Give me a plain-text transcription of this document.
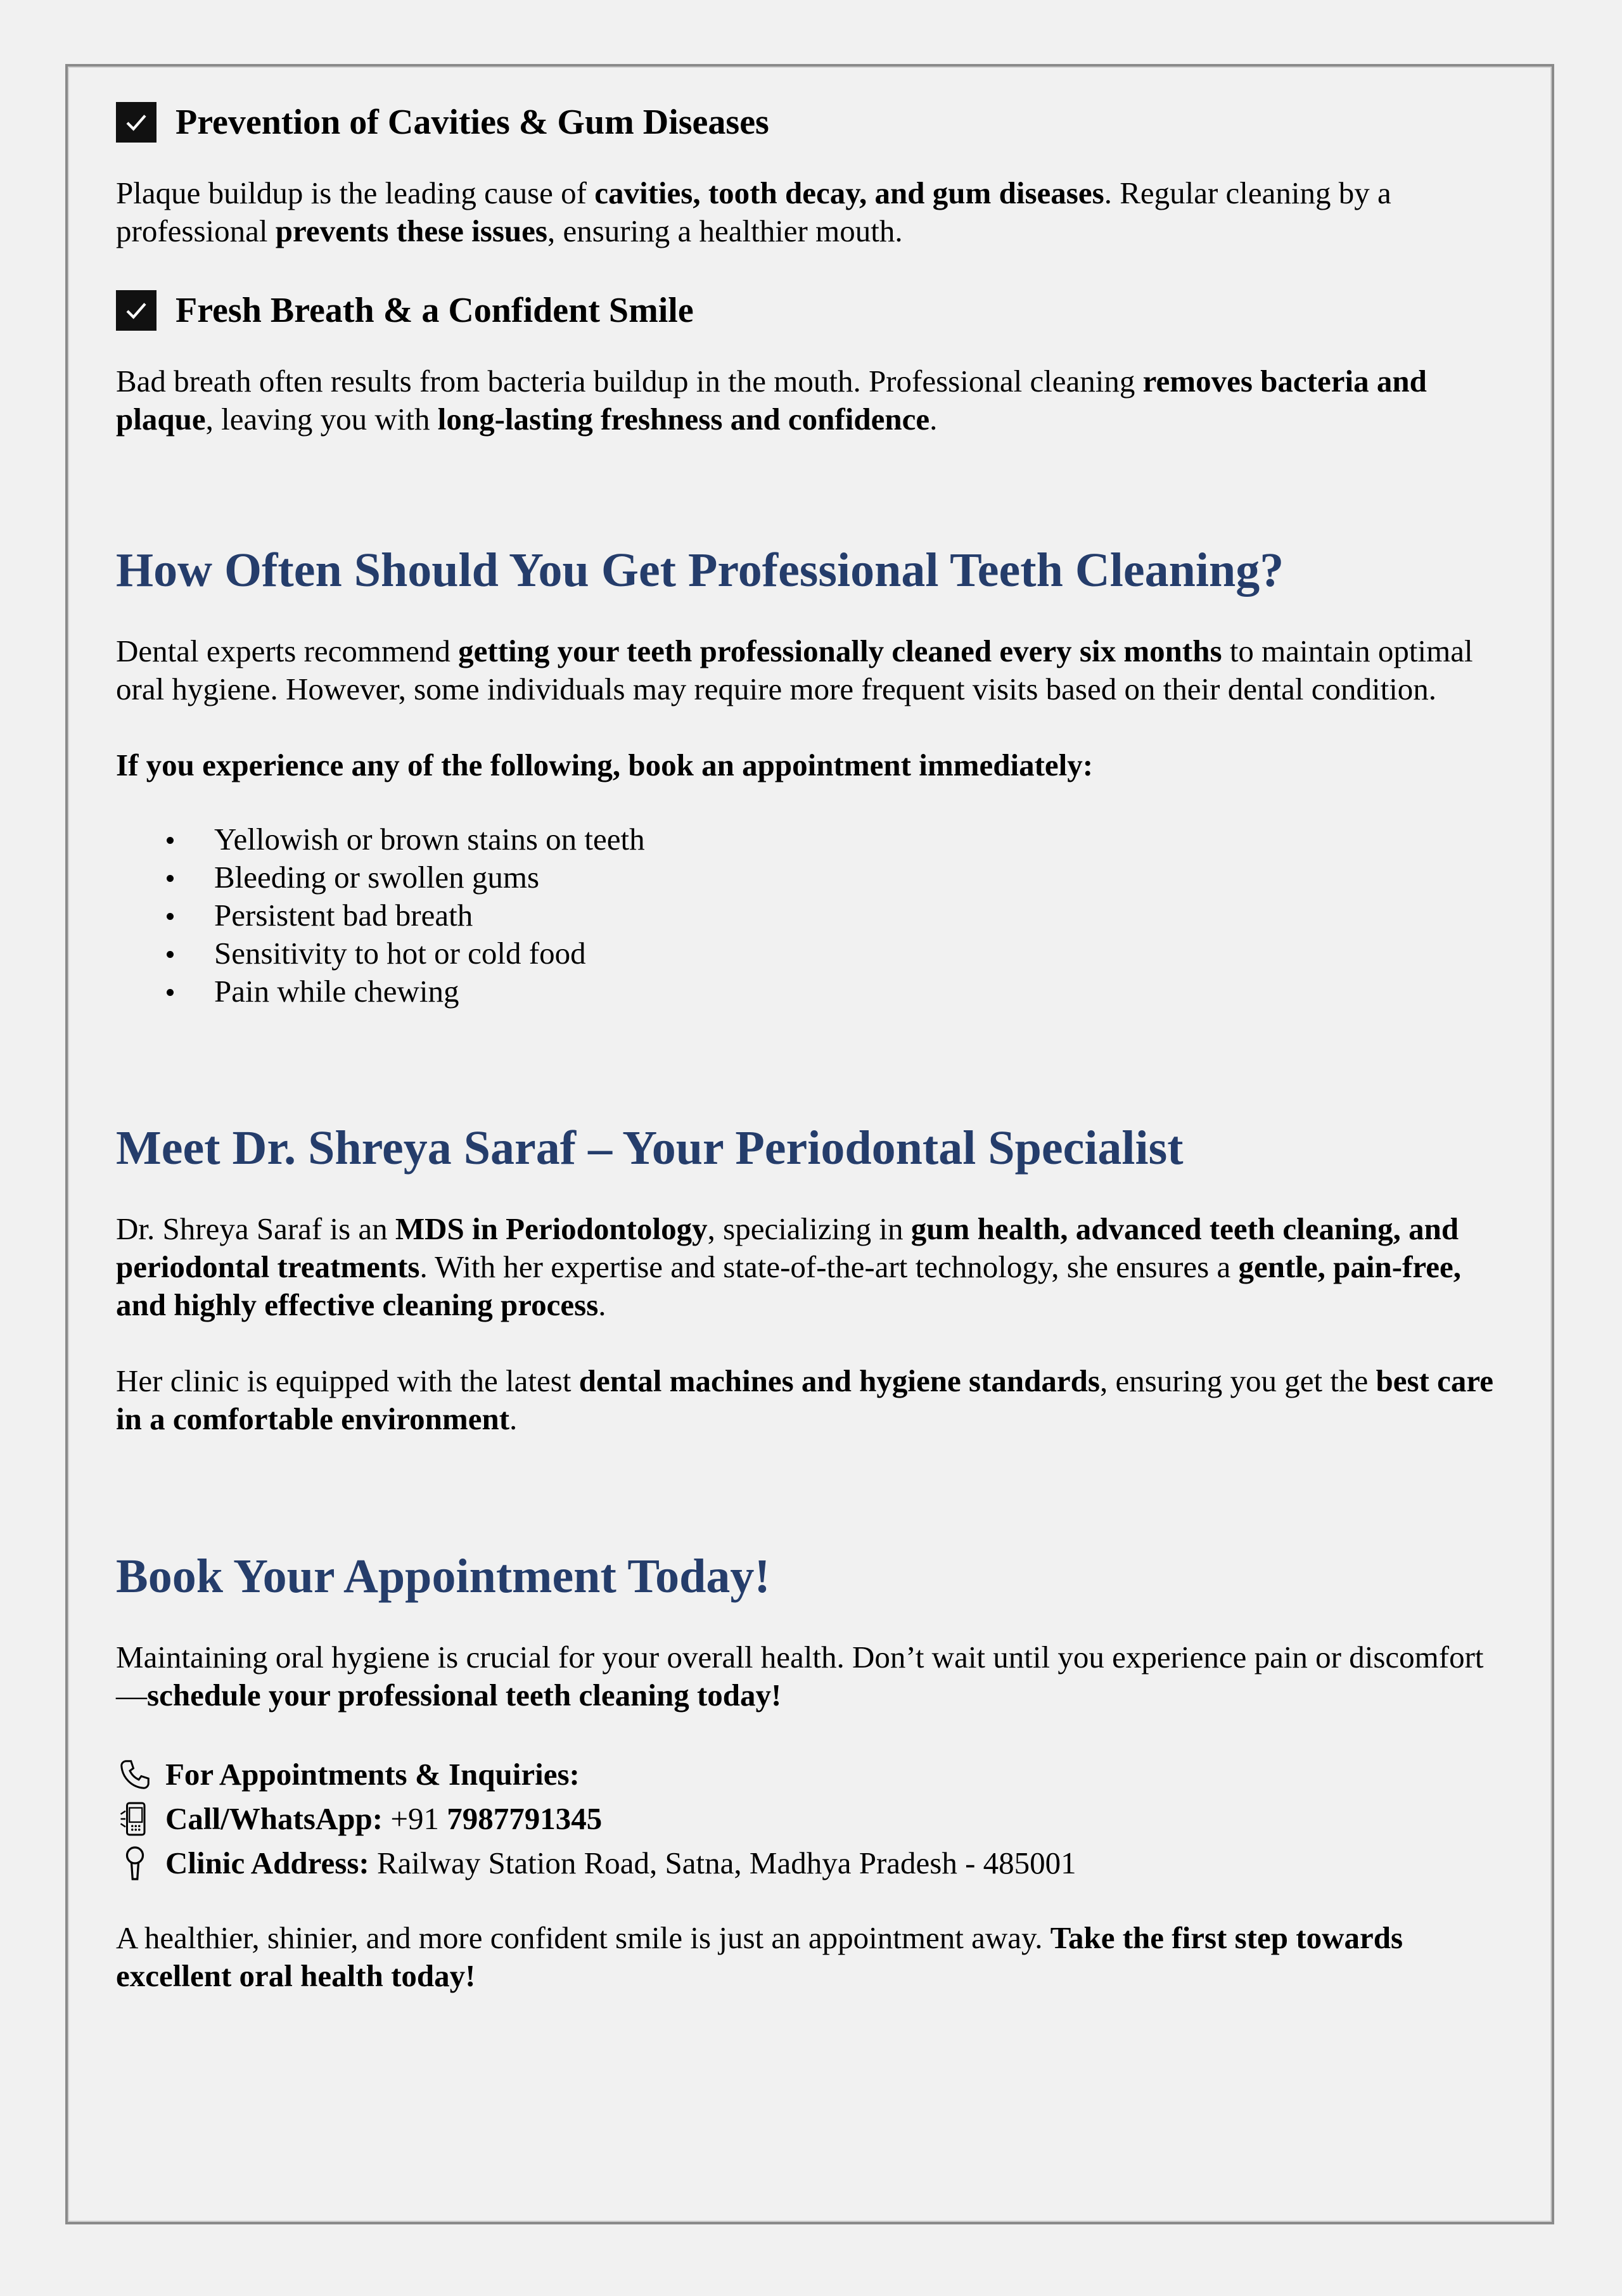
Prevention of Cavities & Gum Diseases

Plaque buildup is the leading cause of cavities, tooth decay, and gum diseases. Regular cleaning by a professional prevents these issues, ensuring a healthier mouth.

Fresh Breath & a Confident Smile

Bad breath often results from bacteria buildup in the mouth. Professional cleaning removes bacteria and plaque, leaving you with long-lasting freshness and confidence.

How Often Should You Get Professional Teeth Cleaning?

Dental experts recommend getting your teeth professionally cleaned every six months to maintain optimal oral hygiene. However, some individuals may require more frequent visits based on their dental condition.

If you experience any of the following, book an appointment immediately:

Yellowish or brown stains on teeth
Bleeding or swollen gums
Persistent bad breath
Sensitivity to hot or cold food
Pain while chewing
Meet Dr. Shreya Saraf – Your Periodontal Specialist

Dr. Shreya Saraf is an MDS in Periodontology, specializing in gum health, advanced teeth cleaning, and periodontal treatments. With her expertise and state-of-the-art technology, she ensures a gentle, pain-free, and highly effective cleaning process.

Her clinic is equipped with the latest dental machines and hygiene standards, ensuring you get the best care in a comfortable environment.

Book Your Appointment Today!

Maintaining oral hygiene is crucial for your overall health. Don’t wait until you experience pain or discomfort—schedule your professional teeth cleaning today!

For Appointments & Inquiries:
Call/WhatsApp: +91 7987791345
Clinic Address: Railway Station Road, Satna, Madhya Pradesh - 485001

A healthier, shinier, and more confident smile is just an appointment away. Take the first step towards excellent oral health today!
